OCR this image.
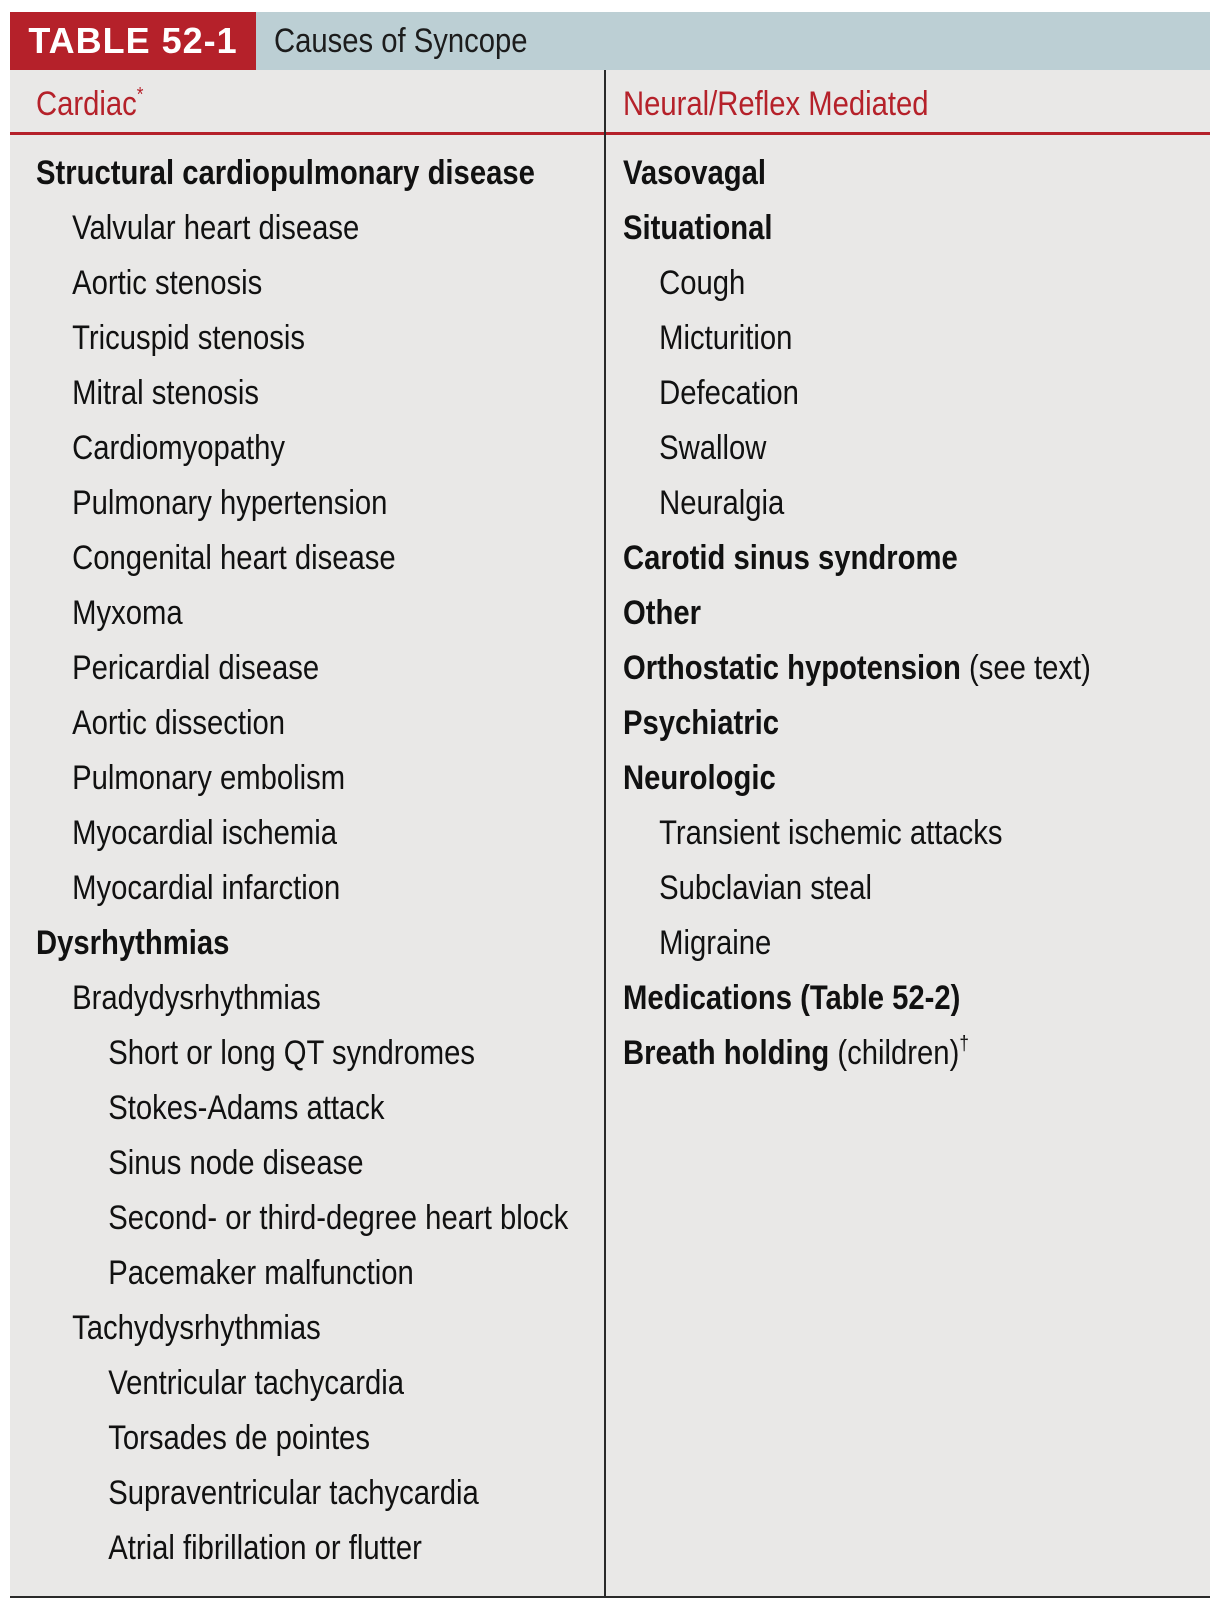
TABLE 52-1	Causes of Syncope
Cardiac*	Neural/Reflex Mediated
Structural cardiopulmonary disease
Valvular heart disease
Aortic stenosis
Tricuspid stenosis
Mitral stenosis
Cardiomyopathy
Pulmonary hypertension
Congenital heart disease
Myxoma
Pericardial disease
Aortic dissection
Pulmonary embolism
Myocardial ischemia
Myocardial infarction
Dysrhythmias
Bradydysrhythmias
Short or long QT syndromes
Stokes-Adams attack
Sinus node disease
Second- or third-degree heart block
Pacemaker malfunction
Tachydysrhythmias
Ventricular tachycardia
Torsades de pointes
Supraventricular tachycardia
Atrial fibrillation or flutter
Vasovagal
Situational
Cough
Micturition
Defecation
Swallow
Neuralgia
Carotid sinus syndrome
Other
Orthostatic hypotension (see text)
Psychiatric
Neurologic
Transient ischemic attacks
Subclavian steal
Migraine
Medications (Table 52-2)
Breath holding (children)†
